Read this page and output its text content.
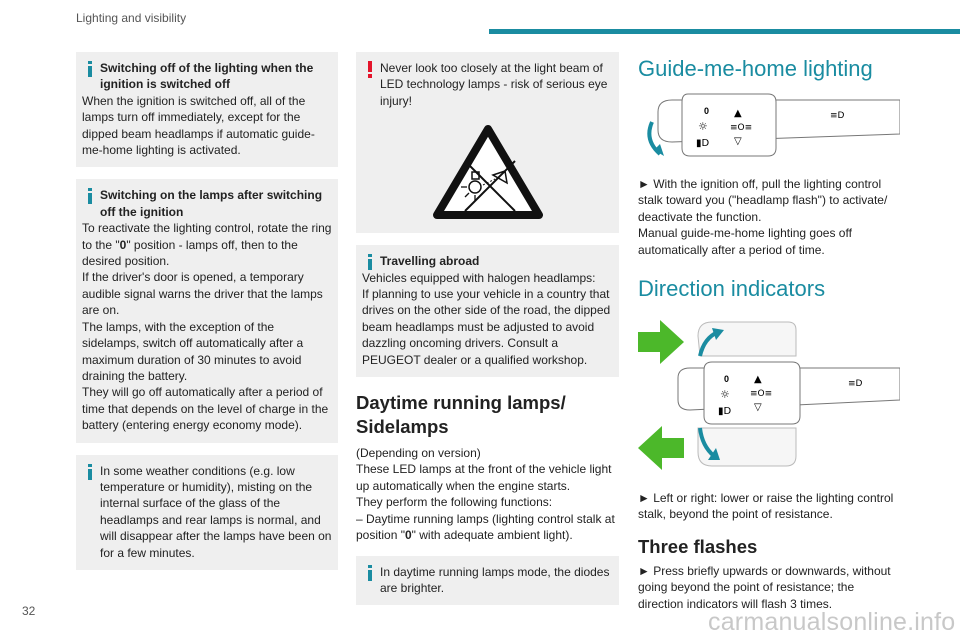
Lighting and visibility
Switching off of the lighting when the ignition is switched off
When the ignition is switched off, all of the lamps turn off immediately, except for the dipped beam headlamps if automatic guide-me-home lighting is activated.
Switching on the lamps after switching off the ignition
To reactivate the lighting control, rotate the ring to the "0" position - lamps off, then to the desired position.
If the driver's door is opened, a temporary audible signal warns the driver that the lamps are on.
The lamps, with the exception of the sidelamps, switch off automatically after a maximum duration of 30 minutes to avoid draining the battery.
They will go off automatically after a period of time that depends on the level of charge in the battery (entering energy economy mode).
In some weather conditions (e.g. low temperature or humidity), misting on the internal surface of the glass of the headlamps and rear lamps is normal, and will disappear after the lamps have been on for a few minutes.
Never look too closely at the light beam of LED technology lamps - risk of serious eye injury!
Travelling abroad
Vehicles equipped with halogen headlamps:
If planning to use your vehicle in a country that drives on the other side of the road, the dipped beam headlamps must be adjusted to avoid dazzling oncoming drivers. Consult a PEUGEOT dealer or a qualified workshop.
Daytime running lamps/ Sidelamps
(Depending on version)
These LED lamps at the front of the vehicle light up automatically when the engine starts.
They perform the following functions:
– Daytime running lamps (lighting control stalk at position "0" with adequate ambient light).
In daytime running lamps mode, the diodes are brighter.
Guide-me-home lighting
0
☼
▮D
▲
≡O≡
▽
≡D
► With the ignition off, pull the lighting control stalk toward you ("headlamp flash") to activate/ deactivate the function.
Manual guide-me-home lighting goes off automatically after a period of time.
Direction indicators
0
☼
▮D
▲
≡O≡
▽
≡D
► Left or right: lower or raise the lighting control stalk, beyond the point of resistance.
Three flashes
► Press briefly upwards or downwards, without going beyond the point of resistance; the direction indicators will flash 3 times.
32	carmanualsonline.info
